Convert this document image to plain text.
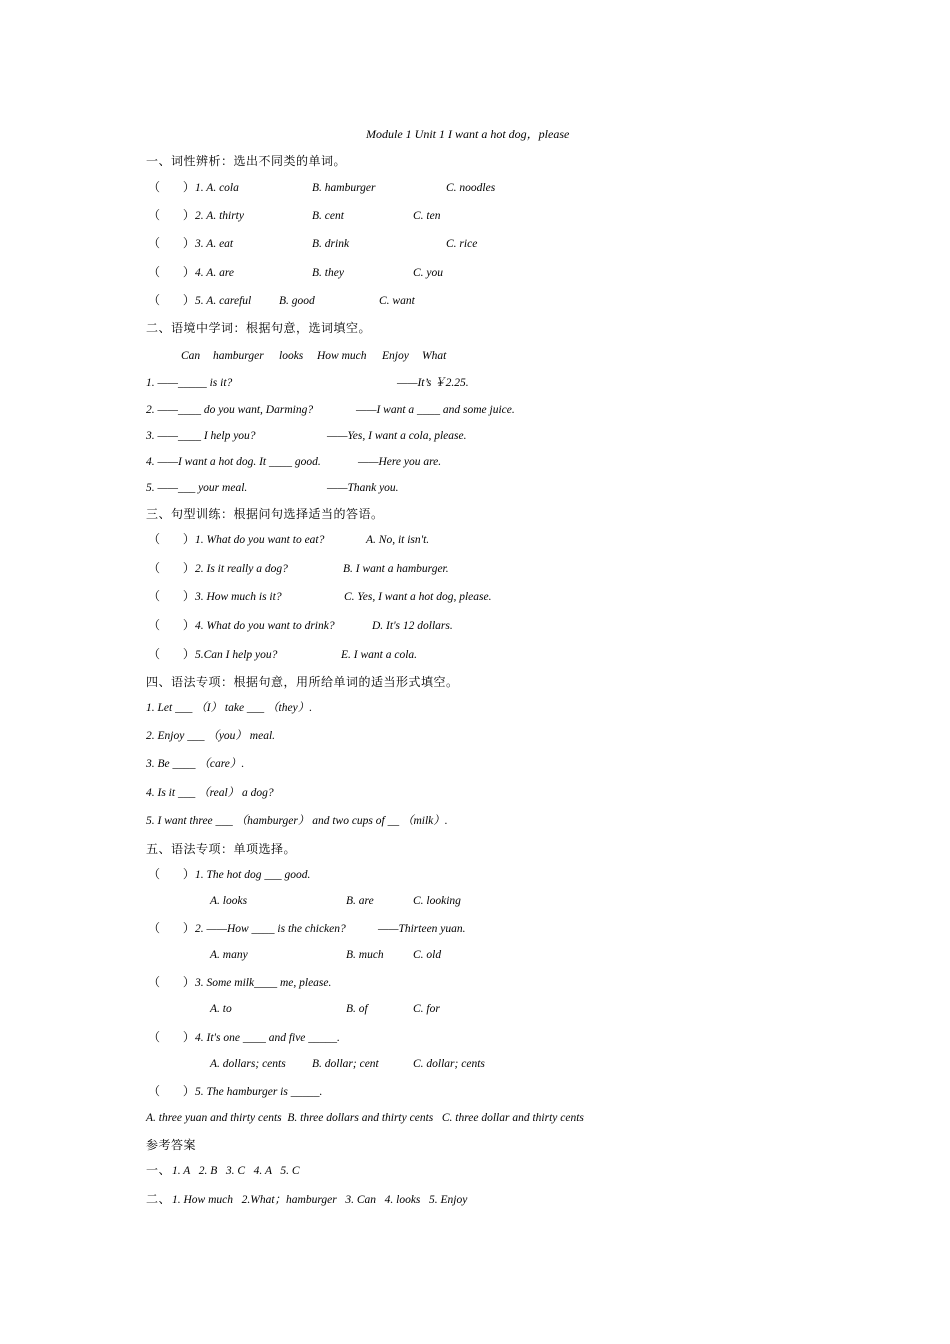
Module 1 Unit 1 I want a hot dog，please
一、词性辨析：选出不同类的单词。
（      ） 1. A. cola	B. hamburger	C. noodles
（      ） 2. A. thirty	B. cent	C. ten
（      ） 3. A. eat	B. drink	C. rice
（      ） 4. A. are	B. they	C. you
（      ） 5. A. careful B. good	C. want
二、语境中学词：根据句意，选词填空。
Can hamburger looks How much Enjoy What
1. ——_____ is it?	——It’s ￥2.25.
2. ——____ do you want, Darming?	——I want a ____ and some juice.
3. ——____ I help you?	——Yes, I want a cola, please.
4. ——I want a hot dog. It ____ good.	——Here you are.
5. ——___ your meal.	——Thank you.
三、句型训练：根据问句选择适当的答语。
（      ） 1. What do you want to eat?	A. No, it isn't.
（      ） 2. Is it really a dog?	B. I want a hamburger.
（      ） 3. How much is it?	C. Yes, I want a hot dog, please.
（      ） 4. What do you want to drink?	D. It's 12 dollars.
（      ） 5.Can I help you?	E. I want a cola.
四、语法专项：根据句意，用所给单词的适当形式填空。
1. Let ___ （I） take ___ （they）.
2. Enjoy ___ （you） meal.
3. Be ____ （care）.
4. Is it ___ （real） a dog?
5. I want three ___ （hamburger） and two cups of __ （milk）.
五、语法专项：单项选择。
（      ） 1. The hot dog ___ good.
A. looks	B. are	C. looking
（      ） 2. ——How ____ is the chicken?	——Thirteen yuan.
A. many	B. much	C. old
（      ） 3. Some milk____ me, please.
A. to	B. of	C. for
（      ） 4. It's one ____ and five _____.
A. dollars; cents B. dollar; cent	C. dollar; cents
（      ） 5. The hamburger is _____.
A. three yuan and thirty cents  B. three dollars and thirty cents   C. three dollar and thirty cents
参考答案
一、 1. A   2. B   3. C   4. A   5. C
二、 1. How much   2.What；hamburger   3. Can   4. looks   5. Enjoy
